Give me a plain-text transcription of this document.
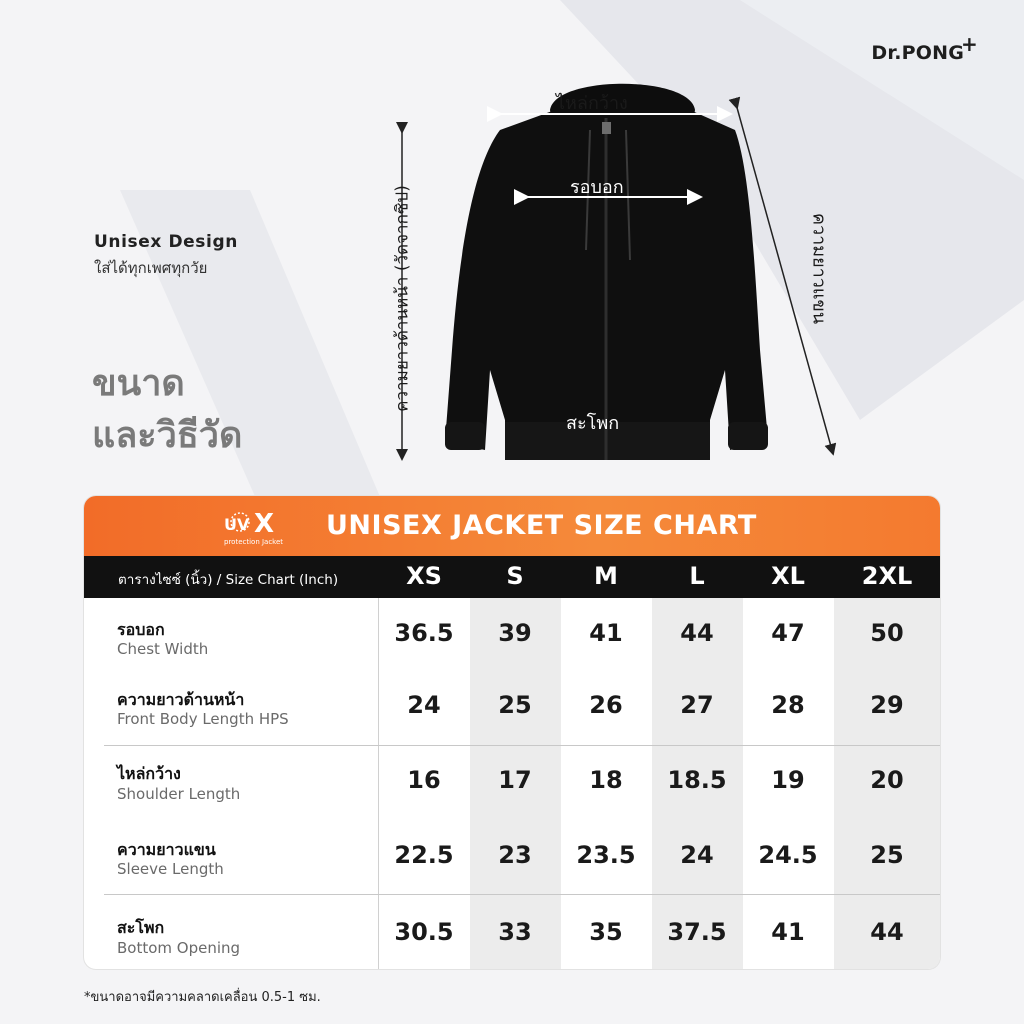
Dr.PONG
+
Unisex Design
ใส่ได้ทุกเพศทุกวัย
ขนาด
และวิธีวัด
ไหล่กว้าง
รอบอก
สะโพก
ความยาวด้านหน้า (วัดจากซิป)	ความยาวแขน
UV X
protection Jacket
UNISEX JACKET SIZE CHART
ตารางไซซ์ (นิ้ว) / Size Chart (Inch)	XS	S	M	L	XL	2XL
รอบอก
Chest Width
36.5	39	41	44	47	50
ความยาวด้านหน้า
Front Body Length HPS	24	25	26	27	28	29
ไหล่กว้าง
Shoulder Length	16	17	18	18.5	19	20
ความยาวแขน
Sleeve Length	22.5	23	23.5	24	24.5	25
สะโพก
Bottom Opening
30.5	33	35	37.5	41	44
*ขนาดอาจมีความคลาดเคลื่อน 0.5-1 ซม.
